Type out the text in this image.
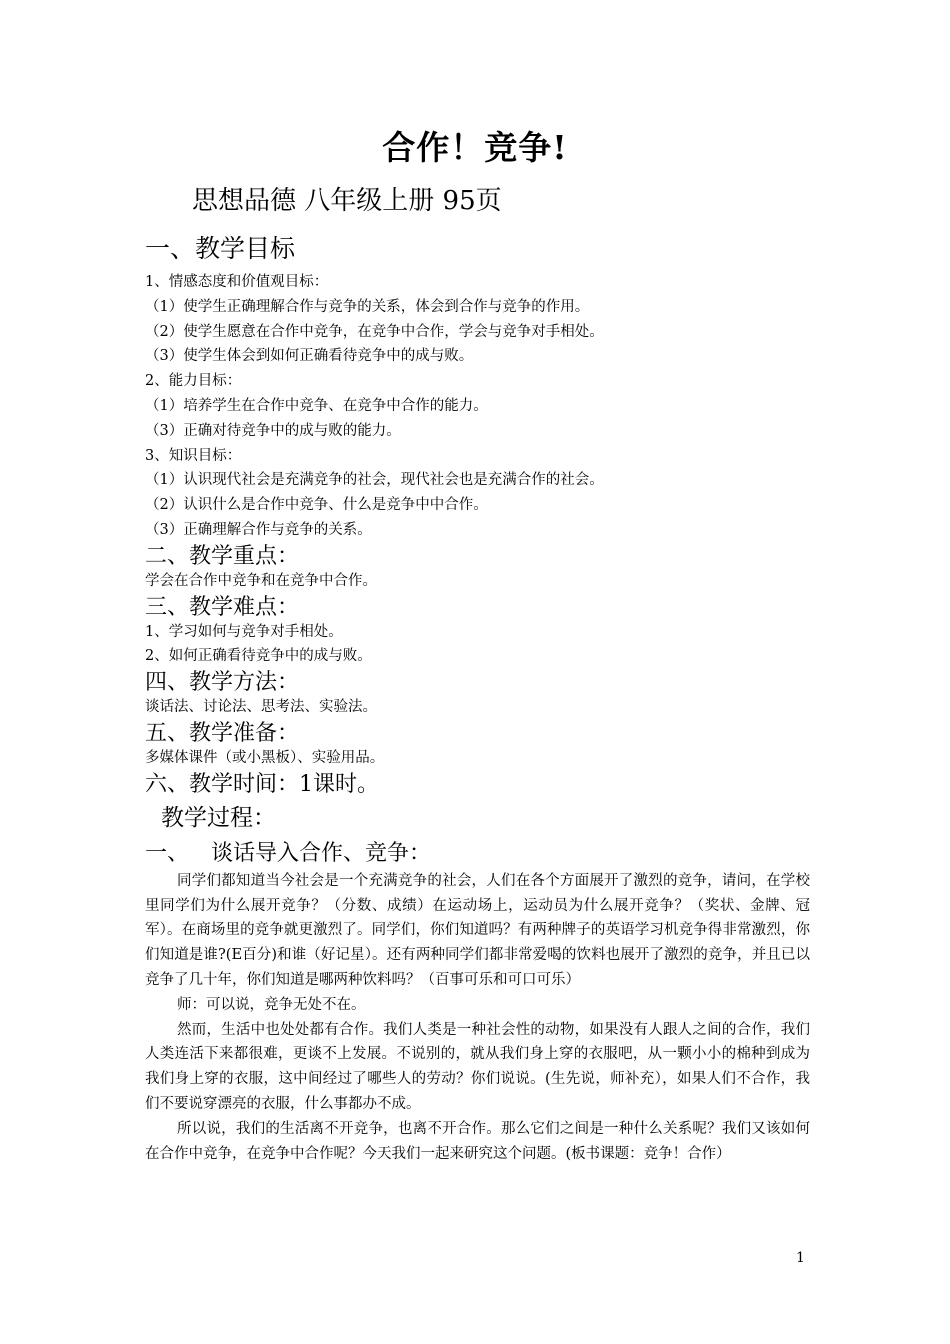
合作！竞争!
思想品德 八年级上册 95页
一、教学目标
1、情感态度和价值观目标：
（1）使学生正确理解合作与竞争的关系，体会到合作与竞争的作用。
（2）使学生愿意在合作中竞争，在竞争中合作，学会与竞争对手相处。
（3）使学生体会到如何正确看待竞争中的成与败。
2、能力目标：
（1）培养学生在合作中竞争、在竞争中合作的能力。
（3）正确对待竞争中的成与败的能力。
3、知识目标：
（1）认识现代社会是充满竞争的社会，现代社会也是充满合作的社会。
（2）认识什么是合作中竞争、什么是竞争中中合作。
（3）正确理解合作与竞争的关系。
二、教学重点：
学会在合作中竞争和在竞争中合作。
三、教学难点：
1、学习如何与竞争对手相处。
2、如何正确看待竞争中的成与败。
四、教学方法：
谈话法、讨论法、思考法、实验法。
五、教学准备：
多媒体课件（或小黑板）、实验用品。
六、教学时间：1课时。
教学过程：
一、 谈话导入合作、竞争：

同学们都知道当今社会是一个充满竞争的社会，人们在各个方面展开了激烈的竞争，请问，在学校里同学们为什么展开竞争？（分数、成绩）在运动场上，运动员为什么展开竞争？（奖状、金牌、冠军）。在商场里的竞争就更激烈了。同学们，你们知道吗？有两种牌子的英语学习机竞争得非常激烈，你们知道是谁?(E百分)和谁（好记星）。还有两种同学们都非常爱喝的饮料也展开了激烈的竞争，并且已以竞争了几十年，你们知道是哪两种饮料吗？（百事可乐和可口可乐）

师：可以说，竞争无处不在。

然而，生活中也处处都有合作。我们人类是一种社会性的动物，如果没有人跟人之间的合作，我们人类连活下来都很难，更谈不上发展。不说别的，就从我们身上穿的衣服吧，从一颗小小的棉种到成为我们身上穿的衣服，这中间经过了哪些人的劳动？你们说说。(生先说，师补充），如果人们不合作，我们不要说穿漂亮的衣服，什么事都办不成。

所以说，我们的生活离不开竞争，也离不开合作。那么它们之间是一种什么关系呢？我们又该如何在合作中竞争，在竞争中合作呢？今天我们一起来研究这个问题。(板书课题：竞争！合作）

1
